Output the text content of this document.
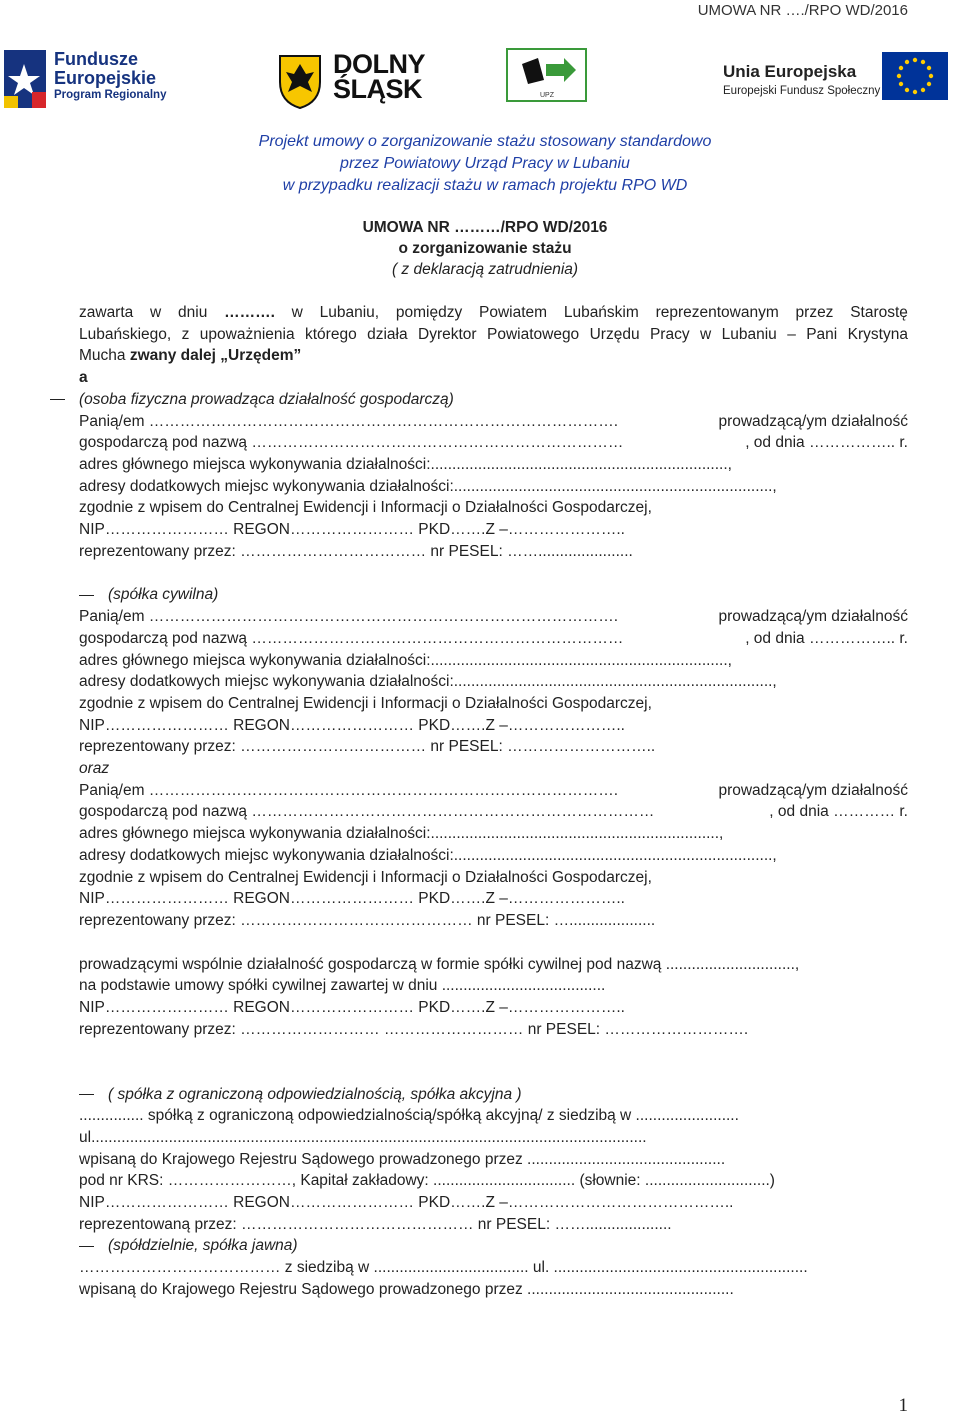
UMOWA NR …./RPO WD/2016
Fundusze
Europejskie
Program Regionalny
DOLNY
ŚLĄSK	UPZ
Unia Europejska
Europejski Fundusz Społeczny
Projekt umowy o zorganizowanie stażu stosowany standardowo
przez Powiatowy Urząd Pracy w Lubaniu
w przypadku realizacji stażu w ramach projektu RPO WD
UMOWA NR ………/RPO WD/2016
o zorganizowanie stażu
( z deklaracją zatrudnienia)
zawarta w dniu ………. w Lubaniu, pomiędzy Powiatem Lubańskim reprezentowanym przez Starostę
Lubańskiego, z upoważnienia którego działa Dyrektor Powiatowego Urzędu Pracy w Lubaniu – Pani Krystyna
Mucha zwany dalej „Urzędem”
a
(osoba fizyczna prowadząca działalność gospodarczą)
Panią/em ……………………………………………………………………………….	prowadzącą/ym działalność
gospodarczą pod nazwą ………………………………………………………………	, od dnia …………….. r.
adres głównego miejsca wykonywania działalności:.....................................................................,
adresy dodatkowych miejsc wykonywania działalności:..........................................................................,
zgodnie z wpisem do Centralnej Ewidencji i Informacji o Działalności Gospodarczej,
NIP…………………… REGON…………………… PKD…….Z –…………………..
reprezentowany przez: ……………………………… nr PESEL: ……......................
(spółka cywilna)
Panią/em ……………………………………………………………………………….	prowadzącą/ym działalność
gospodarczą pod nazwą ………………………………………………………………	, od dnia …………….. r.
adres głównego miejsca wykonywania działalności:.....................................................................,
adresy dodatkowych miejsc wykonywania działalności:..........................................................................,
zgodnie z wpisem do Centralnej Ewidencji i Informacji o Działalności Gospodarczej,
NIP…………………… REGON…………………… PKD…….Z –…………………..
reprezentowany przez: ……………………………… nr PESEL: ………………………..
oraz
Panią/em ……………………………………………………………………………….	prowadzącą/ym działalność
gospodarczą pod nazwą ……………………………………………………………………	, od dnia ………… r.
adres głównego miejsca wykonywania działalności:...................................................................,
adresy dodatkowych miejsc wykonywania działalności:..........................................................................,
zgodnie z wpisem do Centralnej Ewidencji i Informacji o Działalności Gospodarczej,
NIP…………………… REGON…………………… PKD…….Z –…………………..
reprezentowany przez: ……………………………………… nr PESEL: …....................
prowadzącymi wspólnie działalność gospodarczą w formie spółki cywilnej pod nazwą ..............................,
na podstawie umowy spółki cywilnej zawartej w dniu ......................................
NIP…………………… REGON…………………… PKD…….Z –…………………..
reprezentowany przez: ……………………… ……………………… nr PESEL: ……………………….
( spółka z ograniczoną odpowiedzialnością, spółka akcyjna )
............... spółką z ograniczoną odpowiedzialnością/spółką akcyjną/ z siedzibą w ........................
ul.................................................................................................................................
wpisaną do Krajowego Rejestru Sądowego prowadzonego przez ..............................................
pod nr KRS: ……………………, Kapitał zakładowy: ................................. (słownie: .............................)
NIP…………………… REGON…………………… PKD…….Z –……………………………………..
reprezentowaną przez: ……………………………………… nr PESEL: ……....................
(spółdzielnie, spółka jawna)
………………………………… z siedzibą w .................................... ul. ...........................................................
wpisaną do Krajowego Rejestru Sądowego prowadzonego przez ................................................
1
